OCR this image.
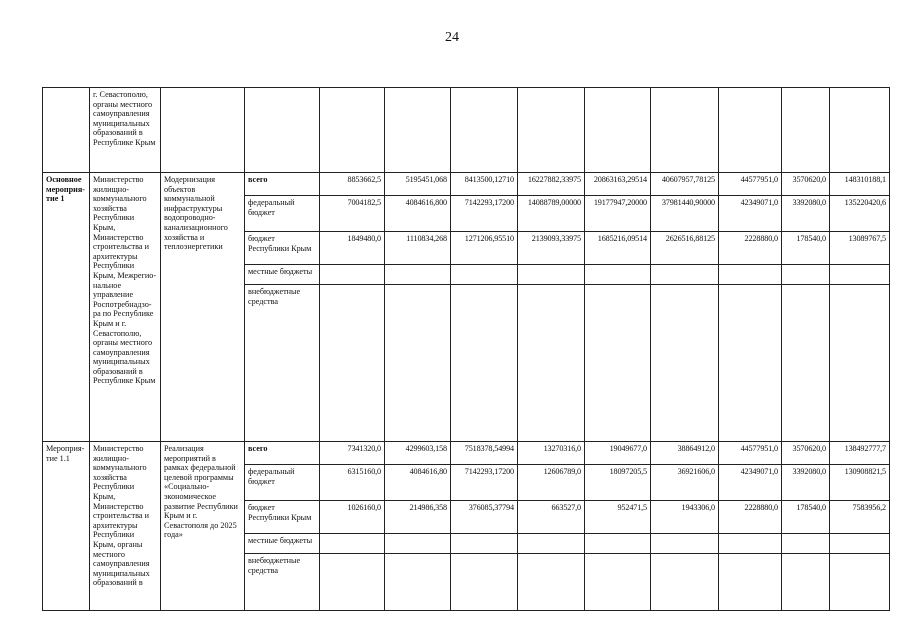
24
	г. Севастополю, органы местного самоуправления муниципальных образований в Республике Крым											
Основное мероприя-тие 1	Министерство жилищно-коммунального хозяйства Республики Крым, Министерство строительства и архитектуры Республики Крым, Межрегио-нальное управление Роспотребнадзо-ра по Республике Крым и г. Севастополю, органы местного самоуправления муниципальных образований в Республике Крым	Модернизация объектов коммунальной инфраструктуры водопроводно-канализационного хозяйства и теплоэнергетики	всего	8853662,5	5195451,068	8413500,12710	16227882,33975	20863163,29514	40607957,78125	44577951,0	3570620,0	148310188,1
			федеральный бюджет	7004182,5	4084616,800	7142293,17200	14088789,00000	19177947,20000	37981440,90000	42349071,0	3392080,0	135220420,6
			бюджет Республики Крым	1849480,0	1110834,268	1271206,95510	2139093,33975	1685216,09514	2626516,88125	2228880,0	178540,0	13089767,5
			местные бюджеты									
			внебюджетные средства									
Мероприя-тие 1.1	Министерство жилищно-коммунального хозяйства Республики Крым, Министерство строительства и архитектуры Республики Крым, органы местного самоуправления муниципальных образований в	Реализация мероприятий в рамках федеральной целевой программы «Социально-экономическое развитие Республики Крым и г. Севастополя до 2025 года»	всего	7341320,0	4299603,158	7518378,54994	13270316,0	19049677,0	38864912,0	44577951,0	3570620,0	138492777,7
			федеральный бюджет	6315160,0	4084616,80	7142293,17200	12606789,0	18097205,5	36921606,0	42349071,0	3392080,0	130908821,5
			бюджет Республики Крым	1026160,0	214986,358	376085,37794	663527,0	952471,5	1943306,0	2228880,0	178540,0	7583956,2
			местные бюджеты									
			внебюджетные средства									
